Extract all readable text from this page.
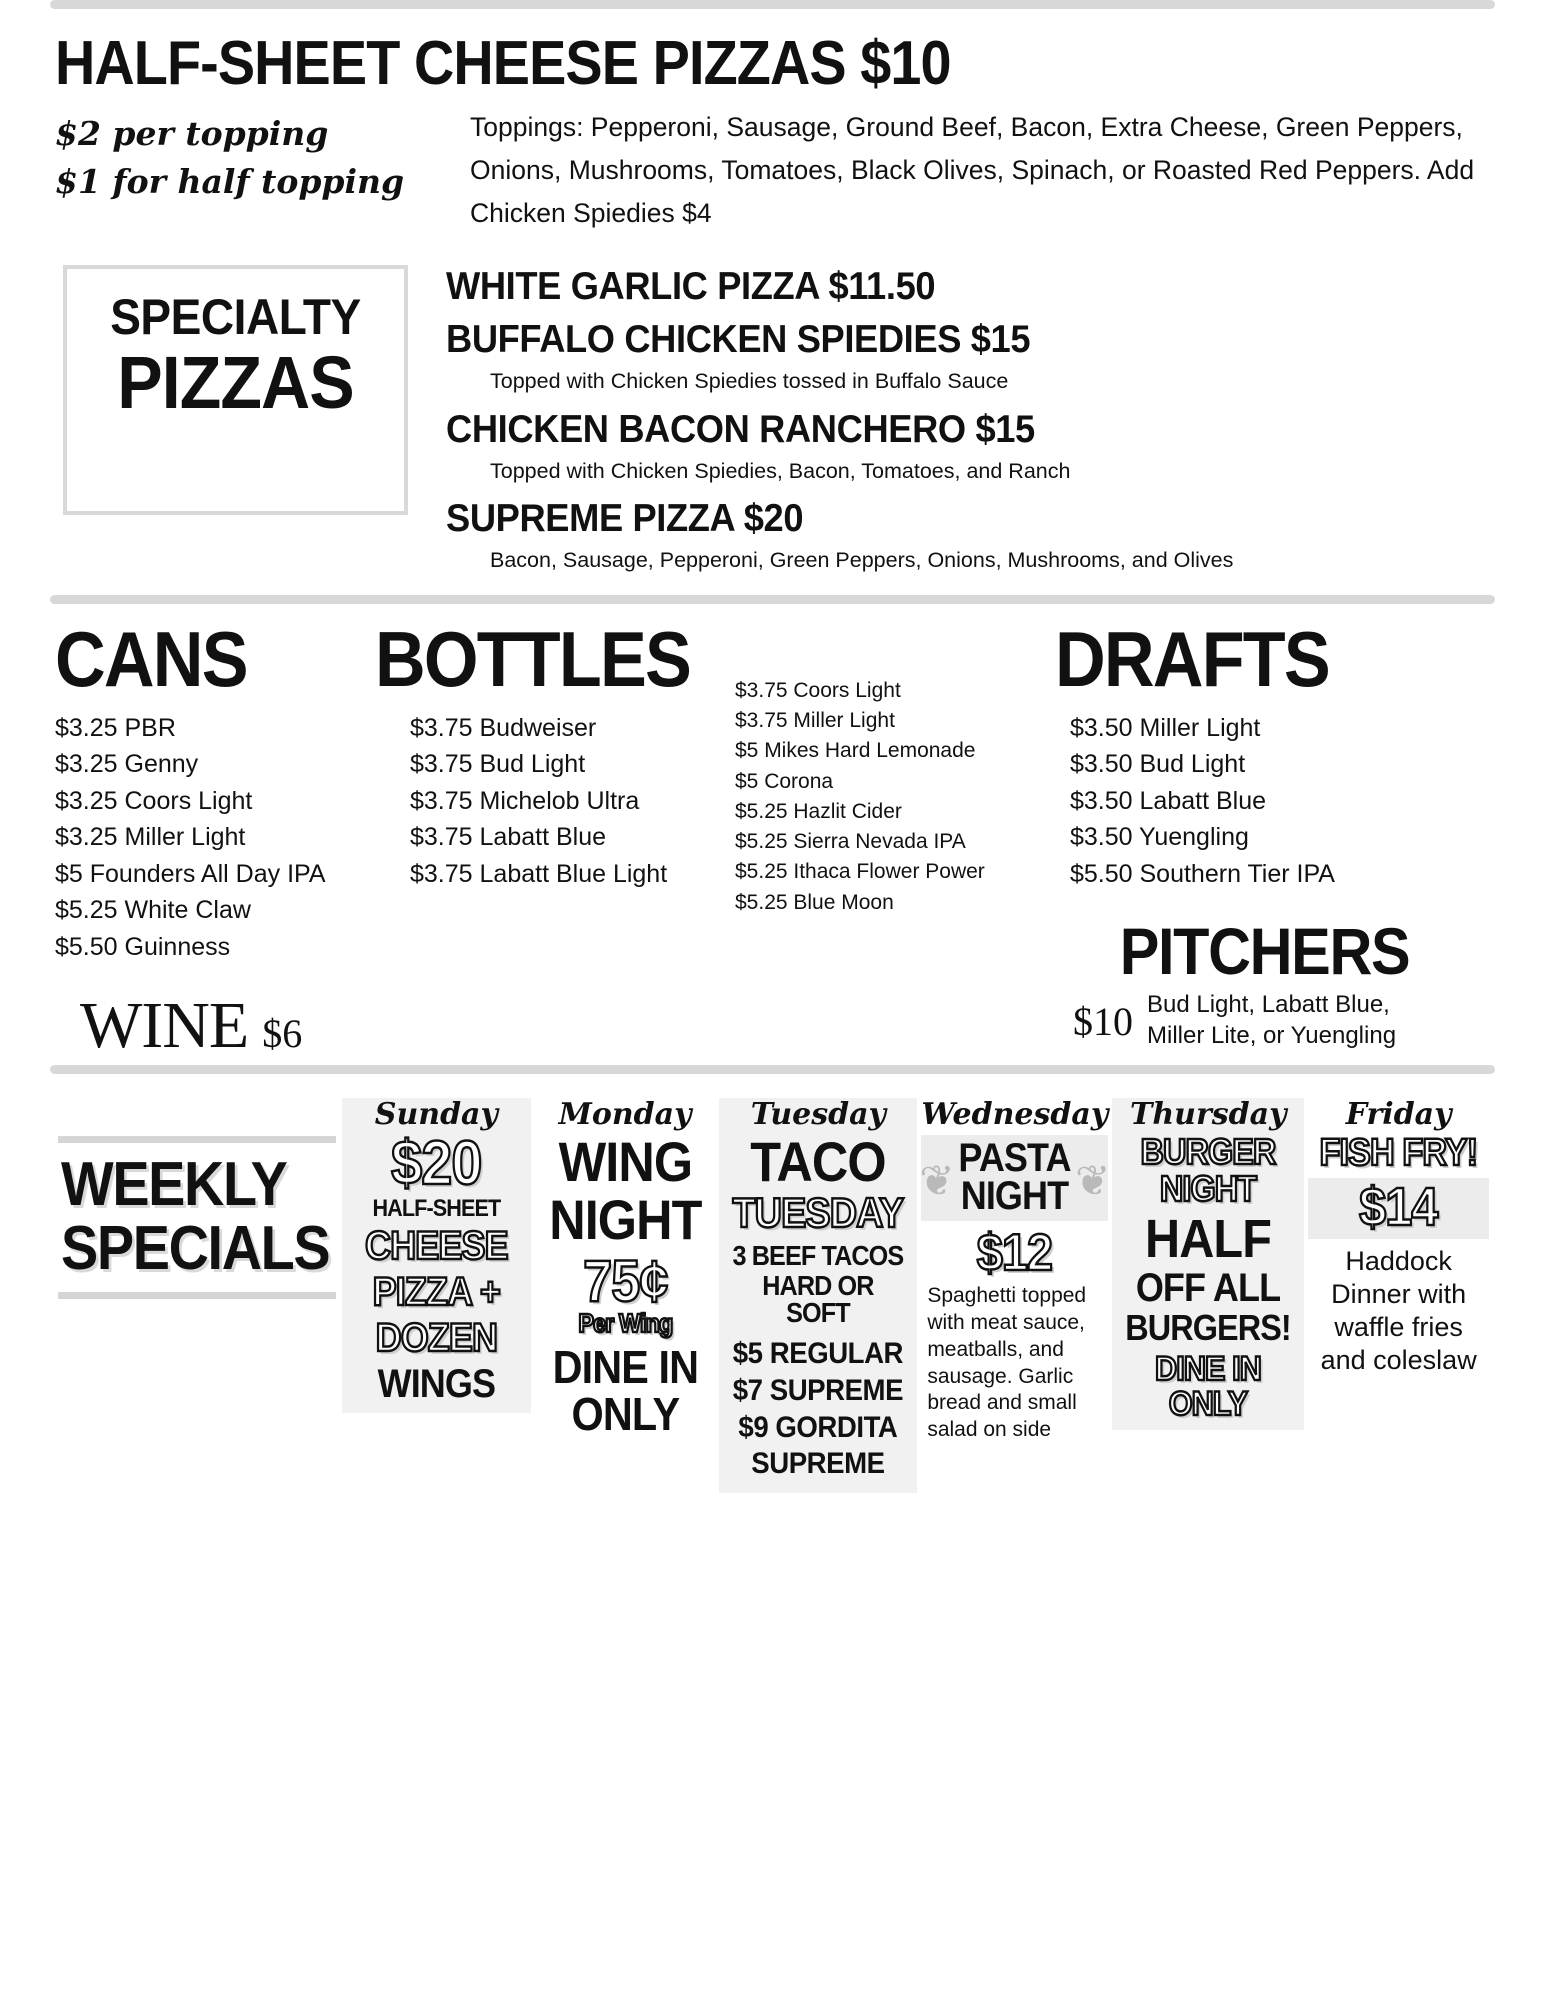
HALF-SHEET CHEESE PIZZAS $10
$2 per topping
$1 for half topping
Toppings: Pepperoni, Sausage, Ground Beef, Bacon, Extra Cheese, Green Peppers, Onions, Mushrooms, Tomatoes, Black Olives, Spinach, or Roasted Red Peppers. Add Chicken Spiedies $4
SPECIALTY
PIZZAS
WHITE GARLIC PIZZA $11.50
BUFFALO CHICKEN SPIEDIES $15
Topped with Chicken Spiedies tossed in Buffalo Sauce
CHICKEN BACON RANCHERO $15
Topped with Chicken Spiedies, Bacon, Tomatoes, and Ranch
SUPREME PIZZA $20
Bacon, Sausage, Pepperoni, Green Peppers, Onions, Mushrooms, and Olives
CANS
$3.25 PBR
$3.25 Genny
$3.25 Coors Light
$3.25 Miller Light
$5 Founders All Day IPA
$5.25 White Claw
$5.50 Guinness
WINE $6
BOTTLES
$3.75 Budweiser
$3.75 Bud Light
$3.75 Michelob Ultra
$3.75 Labatt Blue
$3.75 Labatt Blue Light
$3.75 Coors Light
$3.75 Miller Light
$5 Mikes Hard Lemonade
$5 Corona
$5.25 Hazlit Cider
$5.25 Sierra Nevada IPA
$5.25 Ithaca Flower Power
$5.25 Blue Moon
DRAFTS
$3.50 Miller Light
$3.50 Bud Light
$3.50 Labatt Blue
$3.50 Yuengling
$5.50 Southern Tier IPA
PITCHERS
$10 Bud Light, Labatt Blue,
Miller Lite, or Yuengling
WEEKLY
SPECIALS
Sunday
$20
HALF-SHEET
CHEESE
PIZZA +
DOZEN
WINGS
Monday
WING
NIGHT
75¢
Per Wing
DINE IN
ONLY
Tuesday
TACO
TUESDAY
3 BEEF TACOS
HARD OR SOFT
$5 REGULAR
$7 SUPREME
$9 GORDITA
SUPREME
Wednesday
❦	❦
PASTA
NIGHT
$12
Spaghetti topped with meat sauce, meatballs, and sausage. Garlic bread and small salad on side
Thursday
BURGER
NIGHT
HALF
OFF ALL
BURGERS!
DINE IN
ONLY
Friday
FISH FRY!
$14
Haddock Dinner with waffle fries and coleslaw
